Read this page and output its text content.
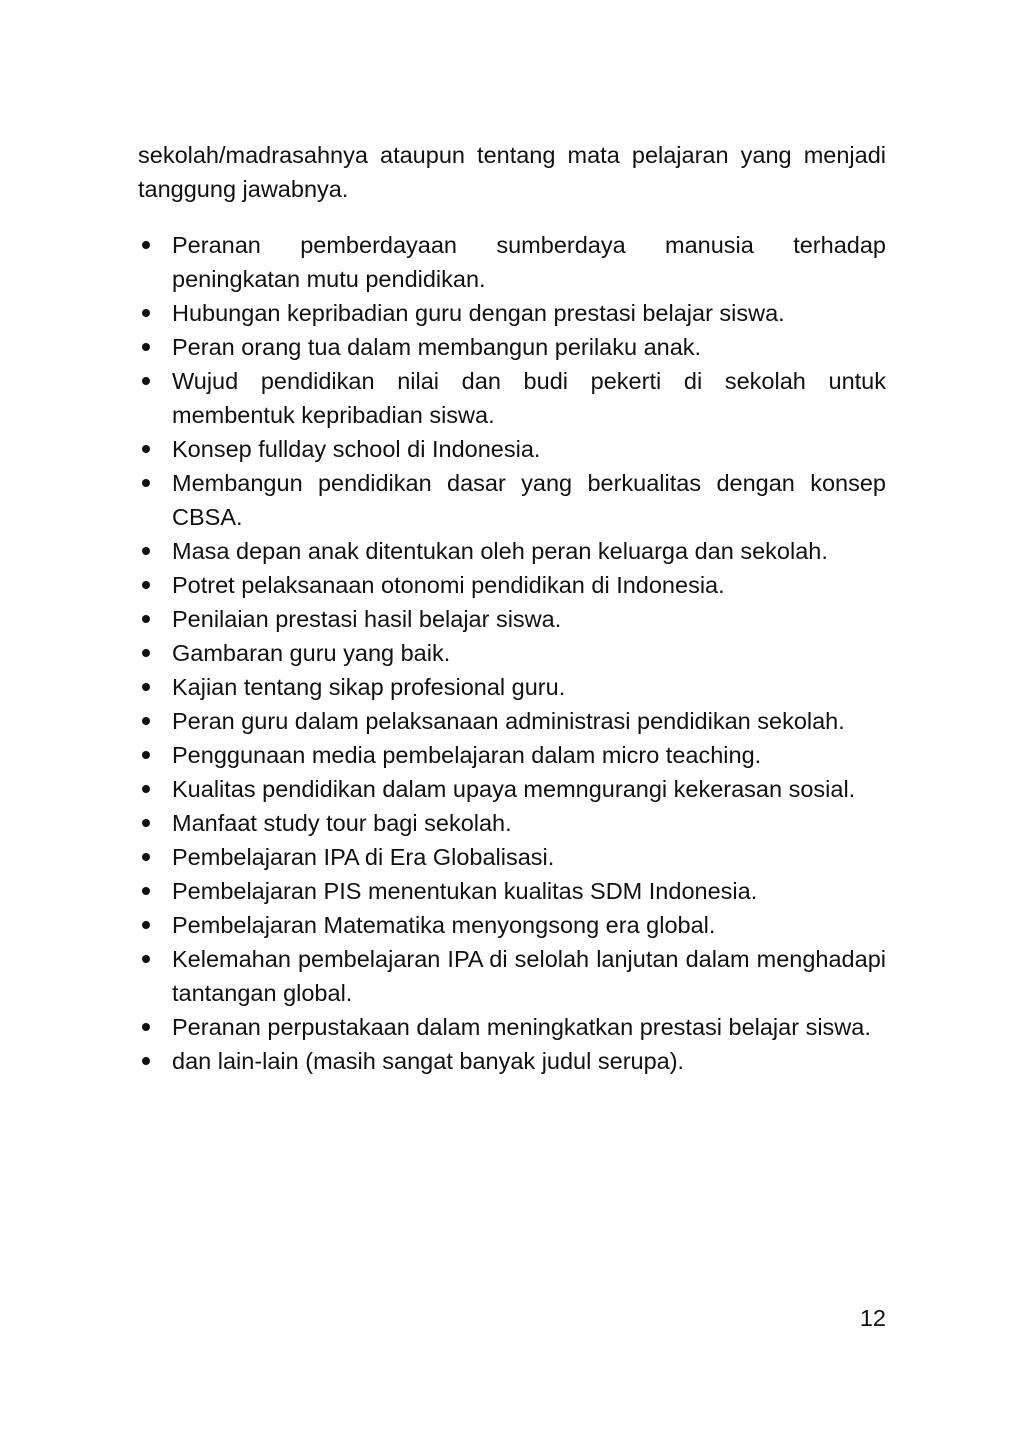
sekolah/madrasahnya ataupun tentang mata pelajaran yang menjadi tanggung jawabnya.

Peranan pemberdayaan sumberdaya manusia terhadap peningkatan mutu pendidikan.
Hubungan kepribadian guru dengan prestasi belajar siswa.
Peran orang tua dalam membangun perilaku anak.
Wujud pendidikan nilai dan budi pekerti di sekolah untuk membentuk kepribadian siswa.
Konsep fullday school di Indonesia.
Membangun pendidikan dasar yang berkualitas dengan konsep CBSA.
Masa depan anak ditentukan oleh peran keluarga dan sekolah.
Potret pelaksanaan otonomi pendidikan di Indonesia.
Penilaian prestasi hasil belajar siswa.
Gambaran guru yang baik.
Kajian tentang sikap profesional guru.
Peran guru dalam pelaksanaan administrasi pendidikan sekolah.
Penggunaan media pembelajaran dalam micro teaching.
Kualitas pendidikan dalam upaya memngurangi kekerasan sosial.
Manfaat study tour bagi sekolah.
Pembelajaran IPA di Era Globalisasi.
Pembelajaran PIS menentukan kualitas SDM Indonesia.
Pembelajaran Matematika menyongsong era global.
Kelemahan pembelajaran IPA di selolah lanjutan dalam menghadapi tantangan global.
Peranan perpustakaan dalam meningkatkan prestasi belajar siswa.
dan lain-lain (masih sangat banyak judul serupa).
12
